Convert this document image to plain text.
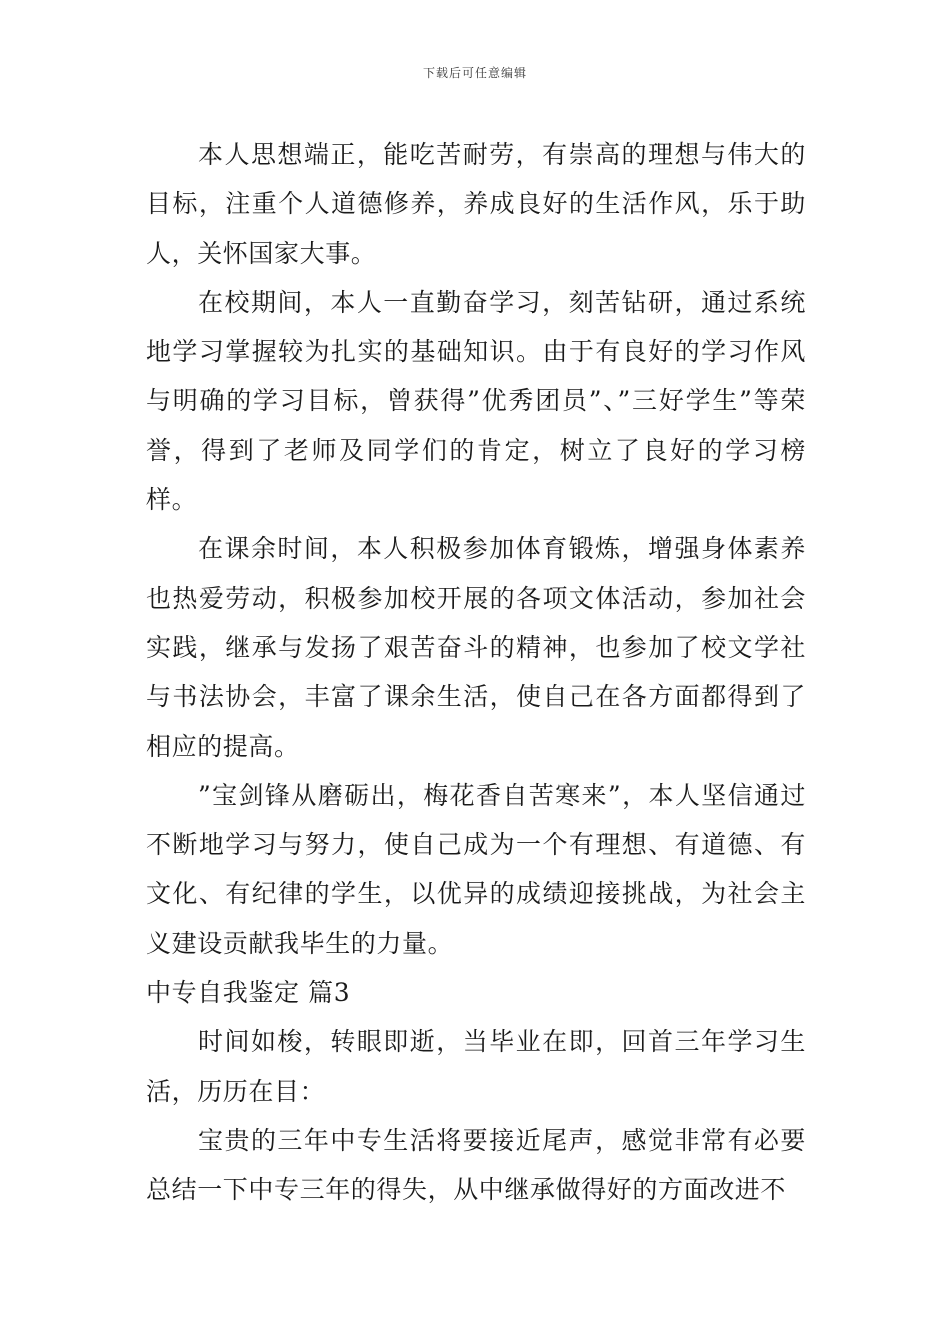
下载后可任意编辑

本人思想端正，能吃苦耐劳，有崇高的理想与伟大的目标，注重个人道德修养，养成良好的生活作风，乐于助人，关怀国家大事。

在校期间，本人一直勤奋学习，刻苦钻研，通过系统地学习掌握较为扎实的基础知识。由于有良好的学习作风与明确的学习目标，曾获得”优秀团员”、”三好学生”等荣誉，得到了老师及同学们的肯定，树立了良好的学习榜样。

在课余时间，本人积极参加体育锻炼，增强身体素养也热爱劳动，积极参加校开展的各项文体活动，参加社会实践，继承与发扬了艰苦奋斗的精神，也参加了校文学社与书法协会，丰富了课余生活，使自己在各方面都得到了相应的提高。

”宝剑锋从磨砺出，梅花香自苦寒来”，本人坚信通过不断地学习与努力，使自己成为一个有理想、有道德、有文化、有纪律的学生，以优异的成绩迎接挑战，为社会主义建设贡献我毕生的力量。

中专自我鉴定 篇3

时间如梭，转眼即逝，当毕业在即，回首三年学习生活，历历在目：

宝贵的三年中专生活将要接近尾声，感觉非常有必要总结一下中专三年的得失，从中继承做得好的方面改进不
